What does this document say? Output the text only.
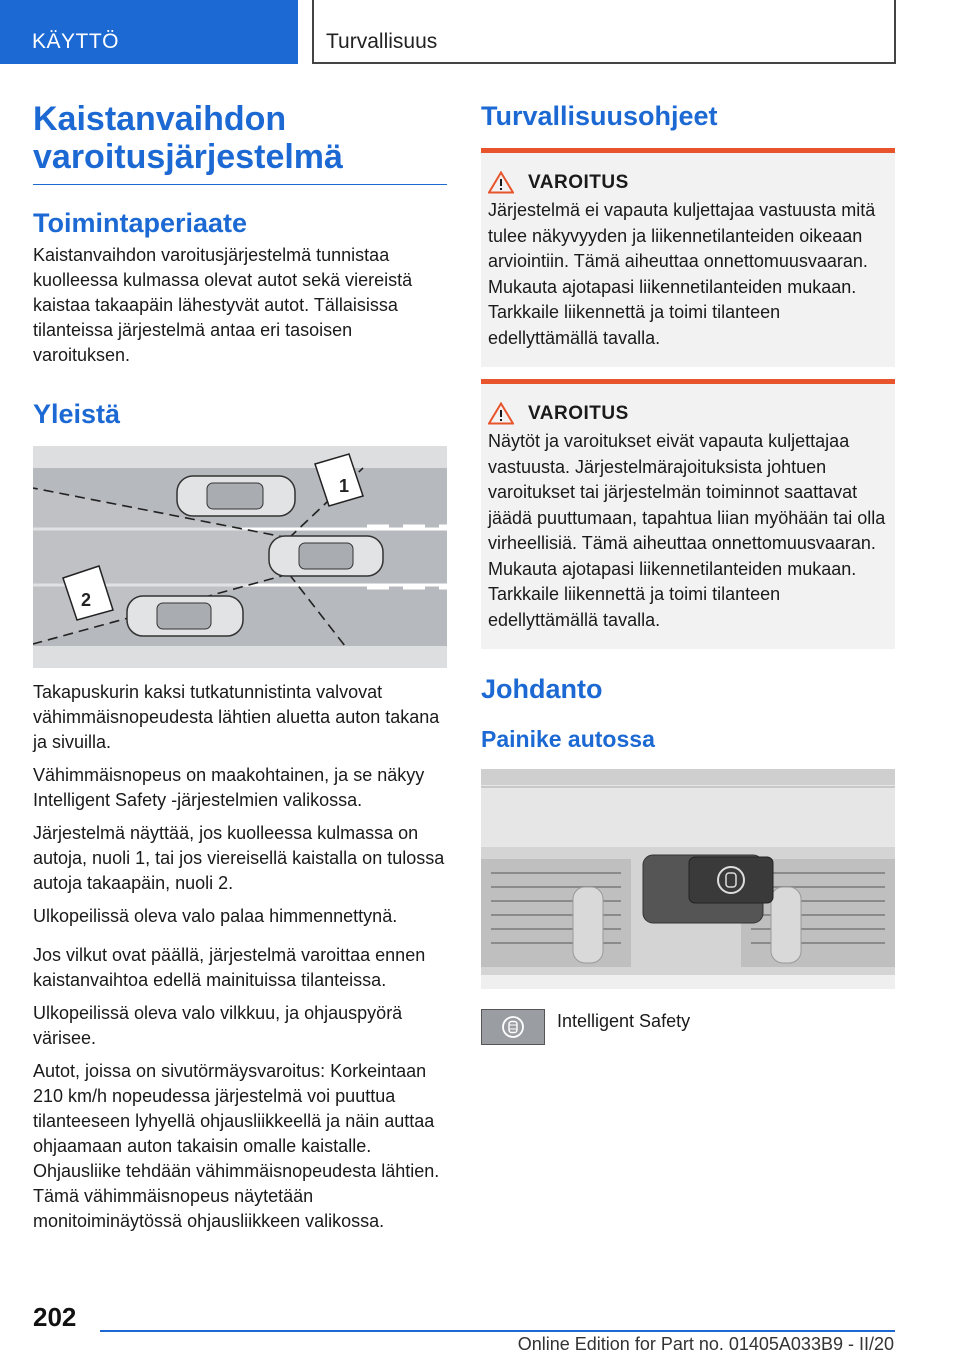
KÄYTTÖ	Turvallisuus
Kaistanvaihdon varoitusjärjestelmä
Toimintaperiaate

Kaistanvaihdon varoitusjärjestelmä tunnistaa kuolleessa kulmassa olevat autot sekä viereistä kaistaa takaapäin lähestyvät autot. Tällaisissa tilanteissa järjestelmä antaa eri tasoisen varoituksen.

Yleistä
1
2

Takapuskurin kaksi tutkatunnistinta valvovat vähimmäisnopeudesta lähtien aluetta auton takana ja sivuilla.

Vähimmäisnopeus on maakohtainen, ja se näkyy Intelligent Safety -järjestelmien valikossa.

Järjestelmä näyttää, jos kuolleessa kulmassa on autoja, nuoli 1, tai jos viereisellä kaistalla on tulossa autoja takaapäin, nuoli 2.

Ulkopeilissä oleva valo palaa himmennettynä.

Jos vilkut ovat päällä, järjestelmä varoittaa ennen kaistanvaihtoa edellä mainituissa tilanteissa.

Ulkopeilissä oleva valo vilkkuu, ja ohjauspyörä värisee.

Autot, joissa on sivutörmäysvaroitus: Korkeintaan 210 km/h nopeudessa järjestelmä voi puuttua tilanteeseen lyhyellä ohjausliikkeellä ja näin auttaa ohjaamaan auton takaisin omalle kaistalle. Ohjausliike tehdään vähimmäisnopeudesta lähtien. Tämä vähimmäisnopeus näytetään monitoiminäytössä ohjausliikkeen valikossa.

Turvallisuusohjeet
VAROITUS

Järjestelmä ei vapauta kuljettajaa vastuusta mitä tulee näkyvyyden ja liikennetilanteiden oikeaan arviointiin. Tämä aiheuttaa onnettomuusvaaran. Mukauta ajotapasi liikennetilanteiden mukaan. Tarkkaile liikennettä ja toimi tilanteen edellyttämällä tavalla.

VAROITUS

Näytöt ja varoitukset eivät vapauta kuljettajaa vastuusta. Järjestelmärajoituksista johtuen varoitukset tai järjestelmän toiminnot saattavat jäädä puuttumaan, tapahtua liian myöhään tai olla virheellisiä. Tämä aiheuttaa onnettomuusvaaran. Mukauta ajotapasi liikennetilanteiden mukaan. Tarkkaile liikennettä ja toimi tilanteen edellyttämällä tavalla.

Johdanto
Painike autossa

Intelligent Safety

202
Online Edition for Part no. 01405A033B9 - II/20
